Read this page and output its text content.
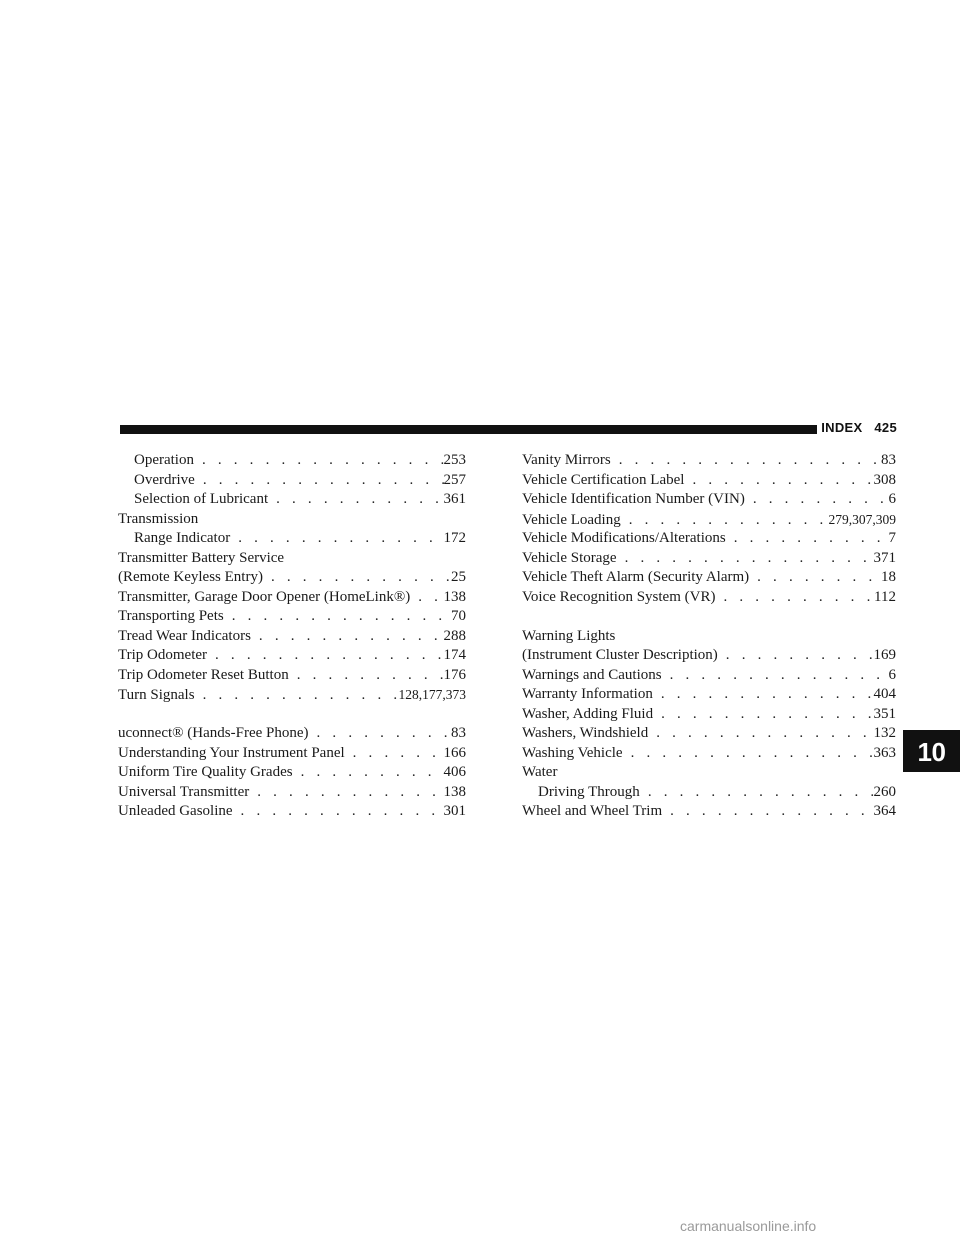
INDEX 425
Operation . . .	253
Overdrive . . .	257
Selection of Lubricant . . .	361
Transmission
Range Indicator . . .	172
Transmitter Battery Service
(Remote Keyless Entry) . . .	25
Transmitter, Garage Door Opener (HomeLink®) . . . 138
Transporting Pets . . .	70
Tread Wear Indicators . . .	288
Trip Odometer . . .	174
Trip Odometer Reset Button . . .	176
Turn Signals . . .	128,177,373
uconnect® (Hands-Free Phone) . . .	83
Understanding Your Instrument Panel . . .	166
Uniform Tire Quality Grades . . .	406
Universal Transmitter . . .	138
Unleaded Gasoline . . .	301
Vanity Mirrors . . .	83
Vehicle Certification Label . . .	308
Vehicle Identification Number (VIN) . . .	6
Vehicle Loading . . .	279,307,309
Vehicle Modifications/Alterations . . .	7
Vehicle Storage . . .	371
Vehicle Theft Alarm (Security Alarm) . . .	18
Voice Recognition System (VR) . . .	112
Warning Lights
(Instrument Cluster Description) . . .	169
Warnings and Cautions . . .	6
Warranty Information . . .	404
Washer, Adding Fluid . . .	351
Washers, Windshield . . .	132
Washing Vehicle . . .	363
Water
Driving Through . . .	260
Wheel and Wheel Trim . . .	364
10
carmanualsonline.info
